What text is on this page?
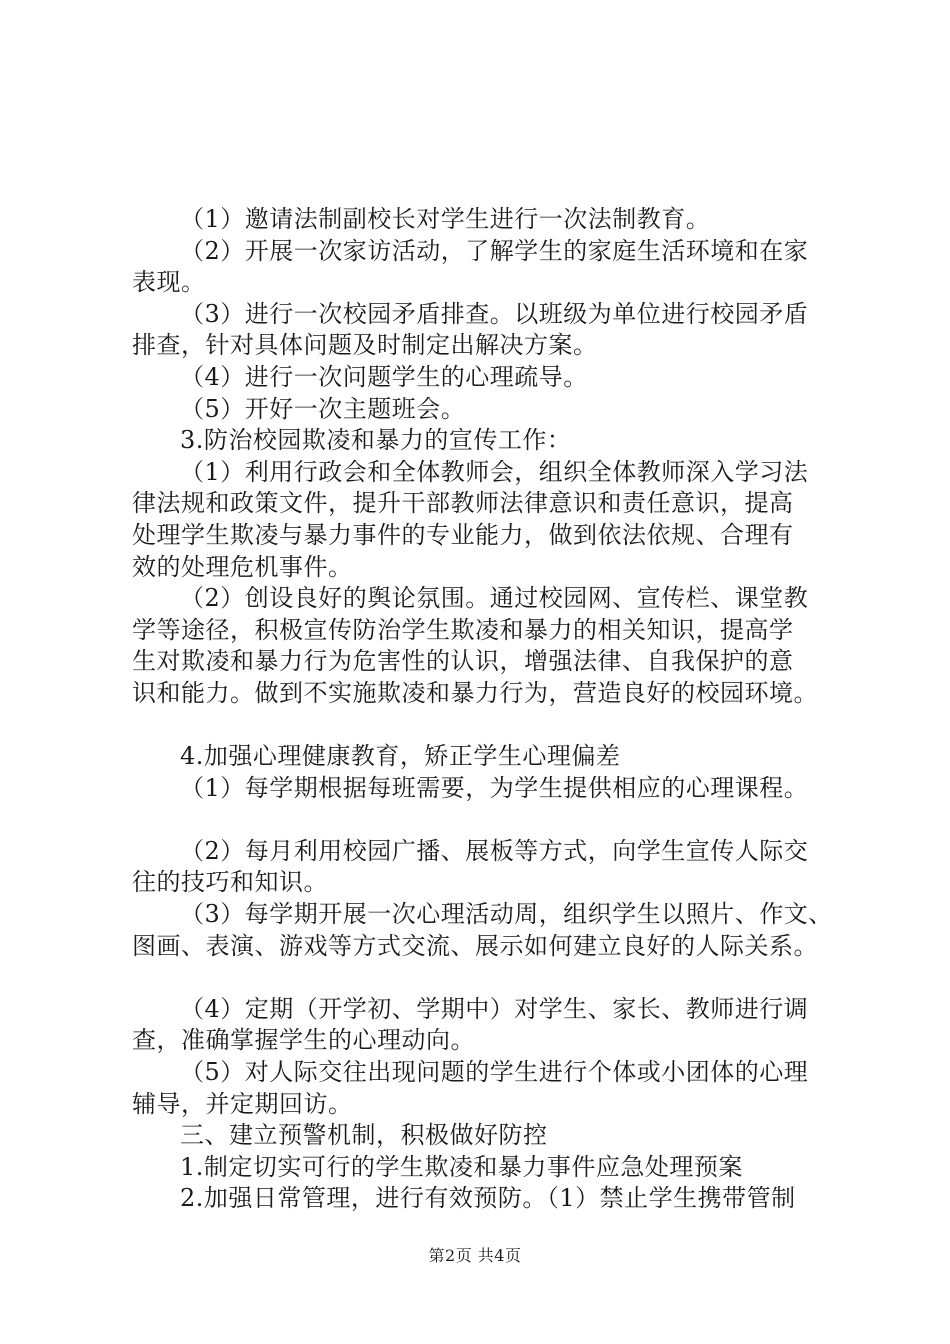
（1）邀请法制副校长对学生进行一次法制教育。
（2）开展一次家访活动，了解学生的家庭生活环境和在家
表现。
（3）进行一次校园矛盾排查。以班级为单位进行校园矛盾
排查，针对具体问题及时制定出解决方案。
（4）进行一次问题学生的心理疏导。
（5）开好一次主题班会。
3.防治校园欺凌和暴力的宣传工作：
（1）利用行政会和全体教师会，组织全体教师深入学习法
律法规和政策文件，提升干部教师法律意识和责任意识，提高
处理学生欺凌与暴力事件的专业能力，做到依法依规、合理有
效的处理危机事件。
（2）创设良好的舆论氛围。通过校园网、宣传栏、课堂教
学等途径，积极宣传防治学生欺凌和暴力的相关知识，提高学
生对欺凌和暴力行为危害性的认识，增强法律、自我保护的意
识和能力。做到不实施欺凌和暴力行为，营造良好的校园环境。
4.加强心理健康教育，矫正学生心理偏差
（1）每学期根据每班需要，为学生提供相应的心理课程。
（2）每月利用校园广播、展板等方式，向学生宣传人际交
往的技巧和知识。
（3）每学期开展一次心理活动周，组织学生以照片、作文、
图画、表演、游戏等方式交流、展示如何建立良好的人际关系。
（4）定期（开学初、学期中）对学生、家长、教师进行调
查，准确掌握学生的心理动向。
（5）对人际交往出现问题的学生进行个体或小团体的心理
辅导，并定期回访。
三、建立预警机制，积极做好防控
1.制定切实可行的学生欺凌和暴力事件应急处理预案
2.加强日常管理，进行有效预防。（1）禁止学生携带管制
第2页 共4页
